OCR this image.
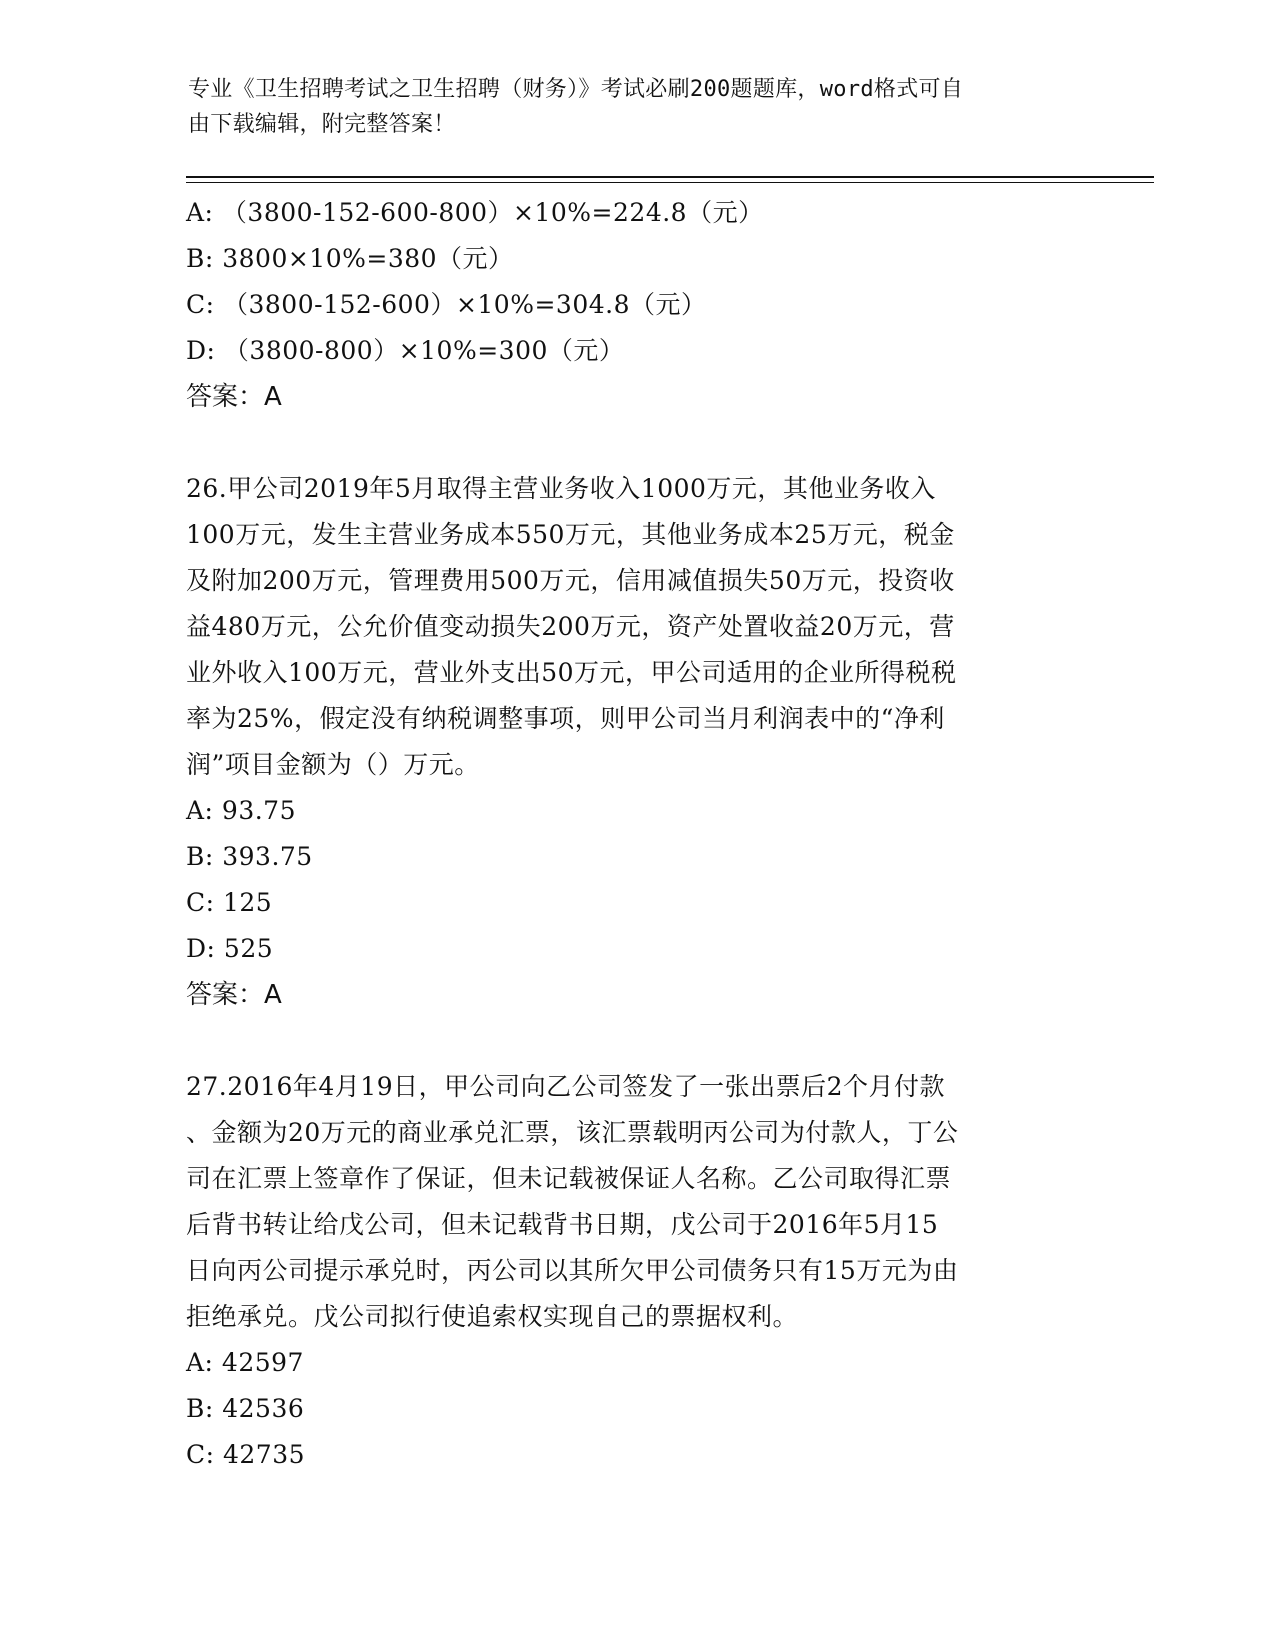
专业《卫生招聘考试之卫生招聘（财务）》考试必刷200题题库，word格式可自
由下载编辑，附完整答案！
A: （3800-152-600-800）×10%=224.8（元）
B: 3800×10%=380（元）
C: （3800-152-600）×10%=304.8（元）
D: （3800-800）×10%=300（元）
答案：A
26.甲公司2019年5月取得主营业务收入1000万元，其他业务收入
100万元，发生主营业务成本550万元，其他业务成本25万元，税金
及附加200万元，管理费用500万元，信用减值损失50万元，投资收
益480万元，公允价值变动损失200万元，资产处置收益20万元，营
业外收入100万元，营业外支出50万元，甲公司适用的企业所得税税
率为25%，假定没有纳税调整事项，则甲公司当月利润表中的“净利
润”项目金额为（）万元。
A: 93.75
B: 393.75
C: 125
D: 525
答案：A
27.2016年4月19日，甲公司向乙公司签发了一张出票后2个月付款
、金额为20万元的商业承兑汇票，该汇票载明丙公司为付款人，丁公
司在汇票上签章作了保证，但未记载被保证人名称。乙公司取得汇票
后背书转让给戊公司，但未记载背书日期，戊公司于2016年5月15
日向丙公司提示承兑时，丙公司以其所欠甲公司债务只有15万元为由
拒绝承兑。戊公司拟行使追索权实现自己的票据权利。
A: 42597
B: 42536
C: 42735
